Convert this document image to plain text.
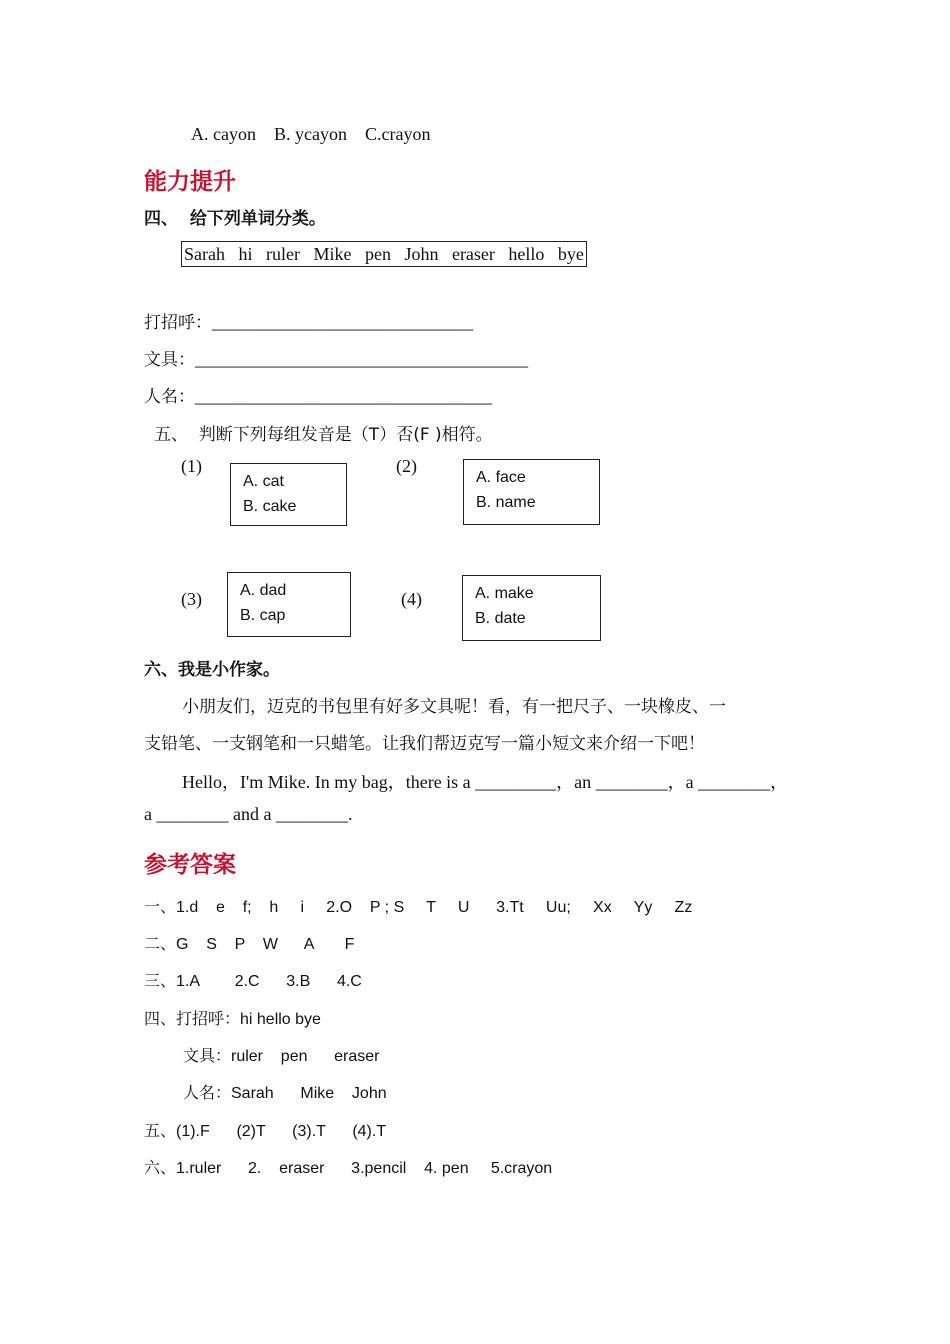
A. cayon    B. ycayon    C.crayon
能力提升
四、  给下列单词分类。
Sarah   hi   ruler   Mike   pen   John   eraser   hello   bye
打招呼：_____________________________
文具：_____________________________________
人名：_________________________________
五、  判断下列每组发音是（T）否(F )相符。
(1)
A. cat
B. cake
(2)
A. face
B. name
(3) A. dad
B. cap
(4)	A. make
B. date
六、我是小作家。
小朋友们，迈克的书包里有好多文具呢！看，有一把尺子、一块橡皮、一
支铅笔、一支钢笔和一只蜡笔。让我们帮迈克写一篇小短文来介绍一下吧！
Hello，I'm Mike. In my bag，there is a _________，an ________，a ________，
a ________ and a ________.
参考答案
一、1.d    e    f;    h     i     2.O    P ; S     T     U      3.Tt     Uu;     Xx     Yy     Zz
二、G    S    P    W      A       F
三、1.A        2.C      3.B      4.C
四、打招呼：hi hello bye
文具：ruler    pen      eraser
人名：Sarah      Mike    John
五、(1).F      (2)T      (3).T      (4).T
六、1.ruler      2.    eraser      3.pencil    4. pen     5.crayon
